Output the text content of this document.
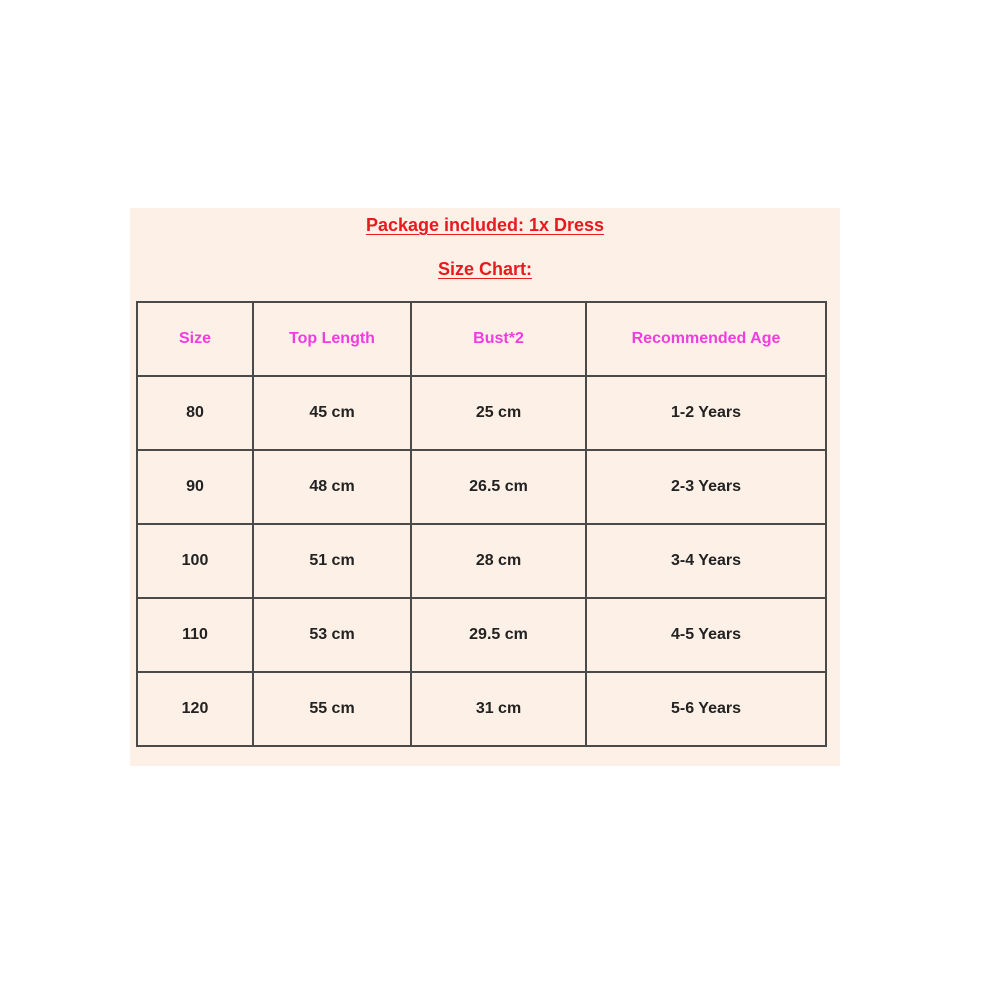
Package included: 1x Dress
Size Chart:
Size	Top Length	Bust*2	Recommended Age
80	45 cm	25 cm	1-2 Years
90	48 cm	26.5 cm	2-3 Years
100	51 cm	28 cm	3-4 Years
110	53 cm	29.5 cm	4-5 Years
120	55 cm	31 cm	5-6 Years
